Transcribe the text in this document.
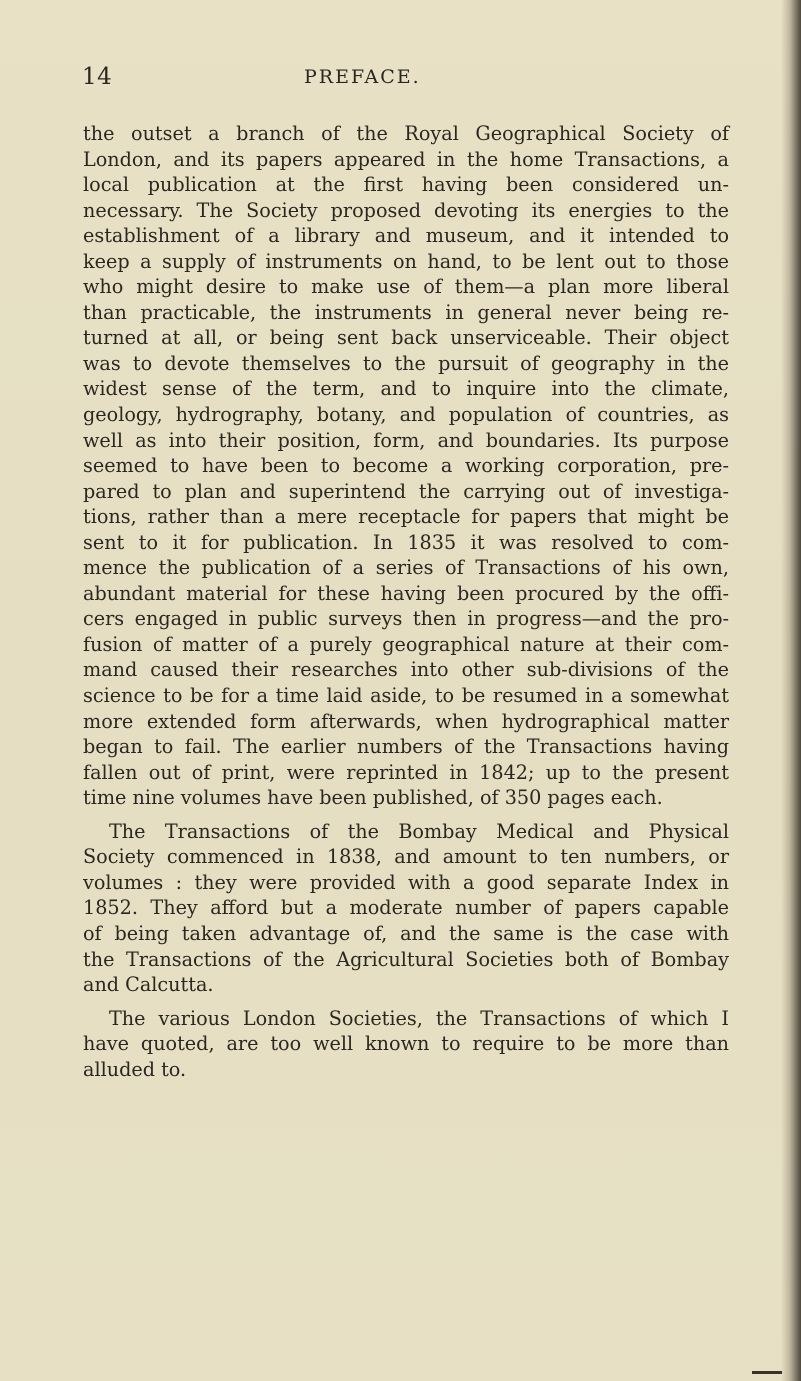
14	PREFACE.
the outset a branch of the Royal Geographical Society of
London, and its papers appeared in the home Transactions, a
local publication at the first having been considered un-
necessary. The Society proposed devoting its energies to the
establishment of a library and museum, and it intended to
keep a supply of instruments on hand, to be lent out to those
who might desire to make use of them—a plan more liberal
than practicable, the instruments in general never being re-
turned at all, or being sent back unserviceable. Their object
was to devote themselves to the pursuit of geography in the
widest sense of the term, and to inquire into the climate,
geology, hydrography, botany, and population of countries, as
well as into their position, form, and boundaries. Its purpose
seemed to have been to become a working corporation, pre-
pared to plan and superintend the carrying out of investiga-
tions, rather than a mere receptacle for papers that might be
sent to it for publication. In 1835 it was resolved to com-
mence the publication of a series of Transactions of his own,
abundant material for these having been procured by the offi-
cers engaged in public surveys then in progress—and the pro-
fusion of matter of a purely geographical nature at their com-
mand caused their researches into other sub-divisions of the
science to be for a time laid aside, to be resumed in a somewhat
more extended form afterwards, when hydrographical matter
began to fail. The earlier numbers of the Transactions having
fallen out of print, were reprinted in 1842; up to the present
time nine volumes have been published, of 350 pages each.
The Transactions of the Bombay Medical and Physical
Society commenced in 1838, and amount to ten numbers, or
volumes : they were provided with a good separate Index in
1852. They afford but a moderate number of papers capable
of being taken advantage of, and the same is the case with
the Transactions of the Agricultural Societies both of Bombay
and Calcutta.
The various London Societies, the Transactions of which I
have quoted, are too well known to require to be more than
alluded to.
